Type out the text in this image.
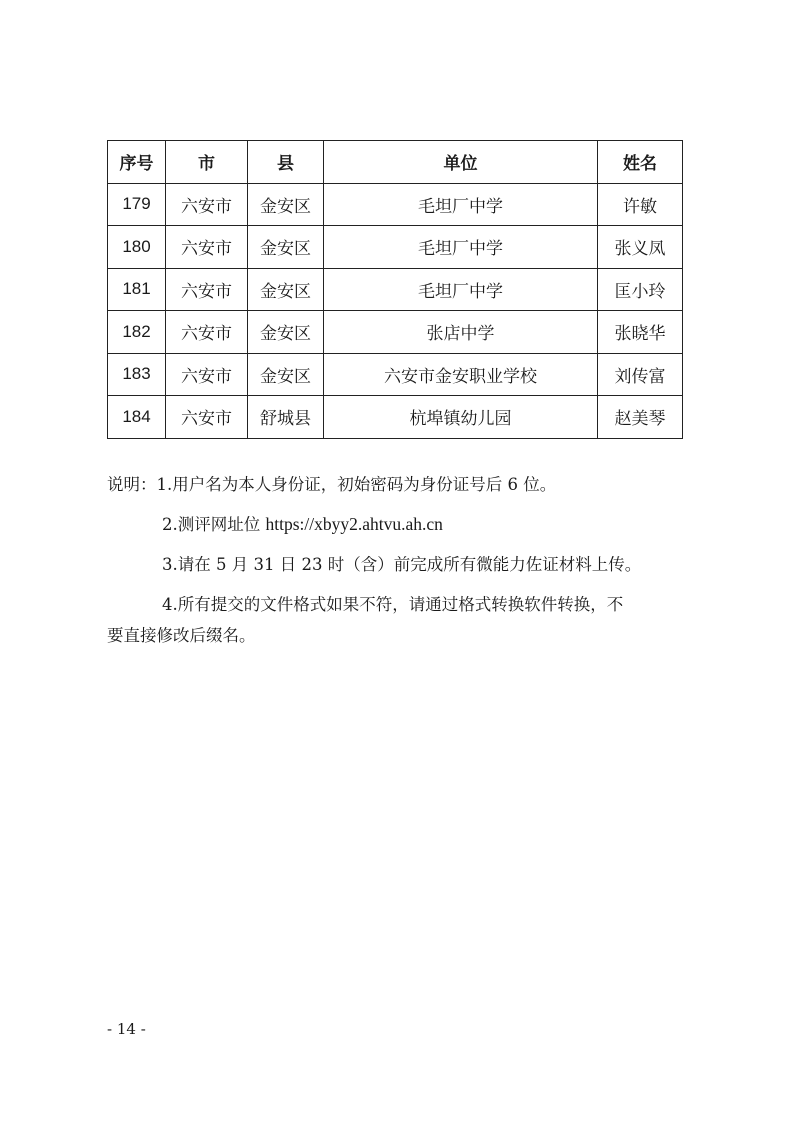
序号	市	县	单位	姓名
179	六安市	金安区	毛坦厂中学	许敏
180	六安市	金安区	毛坦厂中学	张义凤
181	六安市	金安区	毛坦厂中学	匡小玲
182	六安市	金安区	张店中学	张晓华
183	六安市	金安区	六安市金安职业学校	刘传富
184	六安市	舒城县	杭埠镇幼儿园	赵美琴
说明：1.用户名为本人身份证，初始密码为身份证号后 6 位。
2.测评网址位 https://xbyy2.ahtvu.ah.cn
3.请在 5 月 31 日 23 时（含）前完成所有微能力佐证材料上传。
4.所有提交的文件格式如果不符，请通过格式转换软件转换，不
要直接修改后缀名。
- 14 -
